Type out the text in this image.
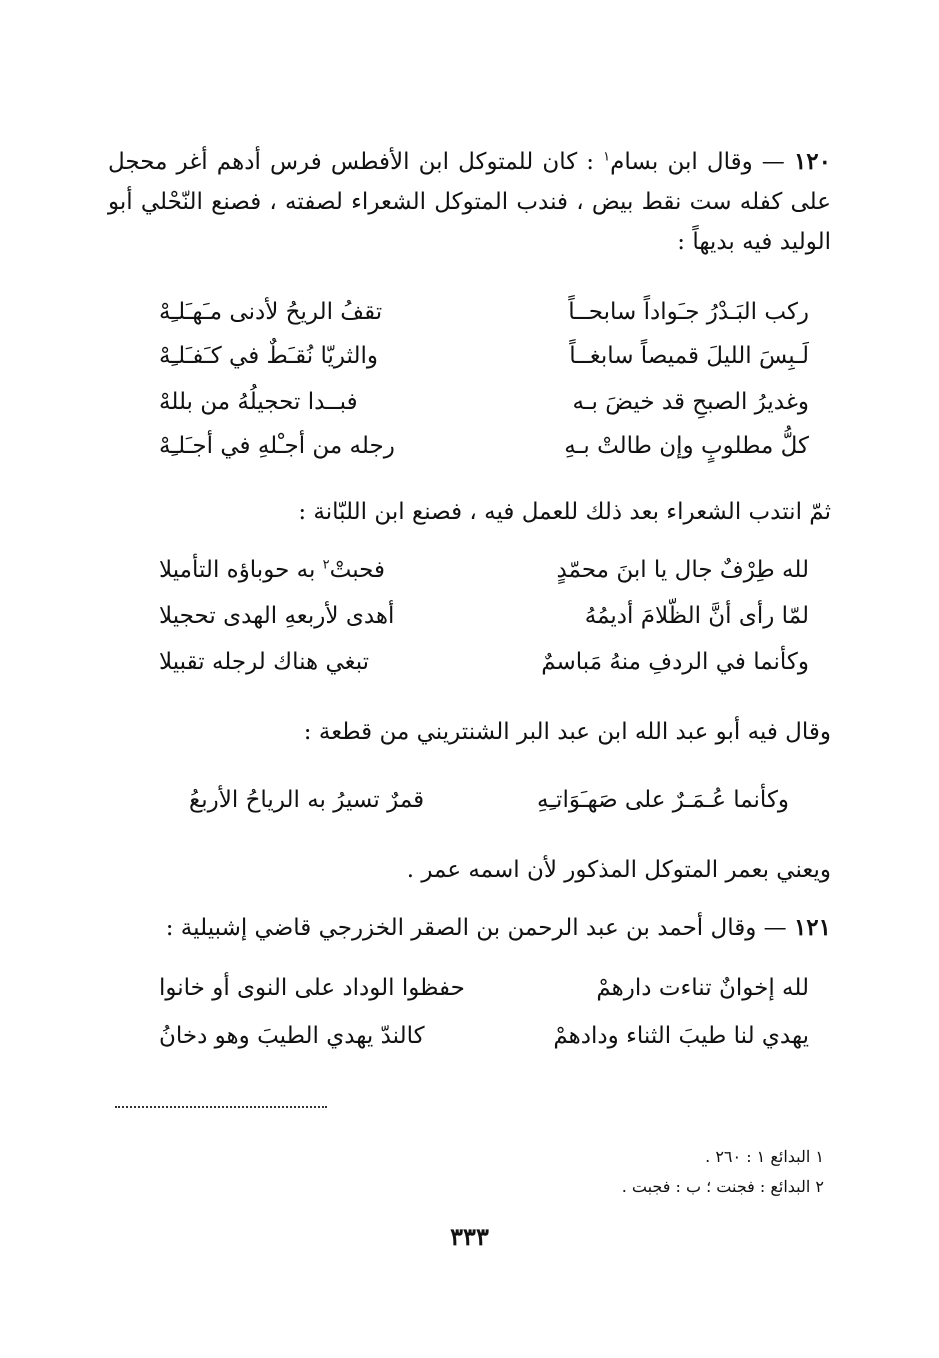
١٢٠ — وقال ابن بسام$^١$ : كان للمتوكل ابن الأفطس فرس أدهم أغر محجل على كفله ست نقط بيض ، فندب المتوكل الشعراء لصفته ، فصنع النّحْلي أبو الوليد فيه بديهاً :

ركب البَـدْرُ جـَواداً سابحــاً
تقفُ الريحُ لأدنى مـَهـَلـِهْ
لَـبِسَ الليلَ قميصاً سابغــاً
والثريّا نُقـَطٌ في كـَفـَلـِهْ
وغديرُ الصبحِ قد خيضَ بـه
فبــدا تحجيلُهُ من بللهْ
كلُّ مطلوبٍ وإن طالتْ بـهِ
رجله من أجـْلهِ في أجـَلـِهْ

ثمّ انتدب الشعراء بعد ذلك للعمل فيه ، فصنع ابن اللبّانة :

لله طِرْفٌ جال يا ابنَ محمّدٍ
فحبتْ$^٢$ به حوباؤه التأميلا
لمّا رأى أنَّ الظّلامَ أديمُهُ
أهدى لأربعهِ الهدى تحجيلا
وكأنما في الردفِ منهُ مَباسمٌ
تبغي هناك لرجله تقبيلا

وقال فيه أبو عبد الله ابن عبد البر الشنتريني من قطعة :

وكأنما عُـمَـرٌ على صَهـَوَاتـِهِ
قمرٌ تسيرُ به الرياحُ الأربعُ

ويعني بعمر المتوكل المذكور لأن اسمه عمر .

١٢١ — وقال أحمد بن عبد الرحمن بن الصقر الخزرجي قاضي إشبيلية :

لله إخوانٌ تناءت دارهمْ
حفظوا الوداد على النوى أو خانوا
يهدي لنا طيبَ الثناء ودادهمْ
كالندّ يهدي الطيبَ وهو دخانُ
١ البدائع ١ : ٢٦٠ .
٢ البدائع : فجنت ؛ ب : فجبت .
٣٣٣
